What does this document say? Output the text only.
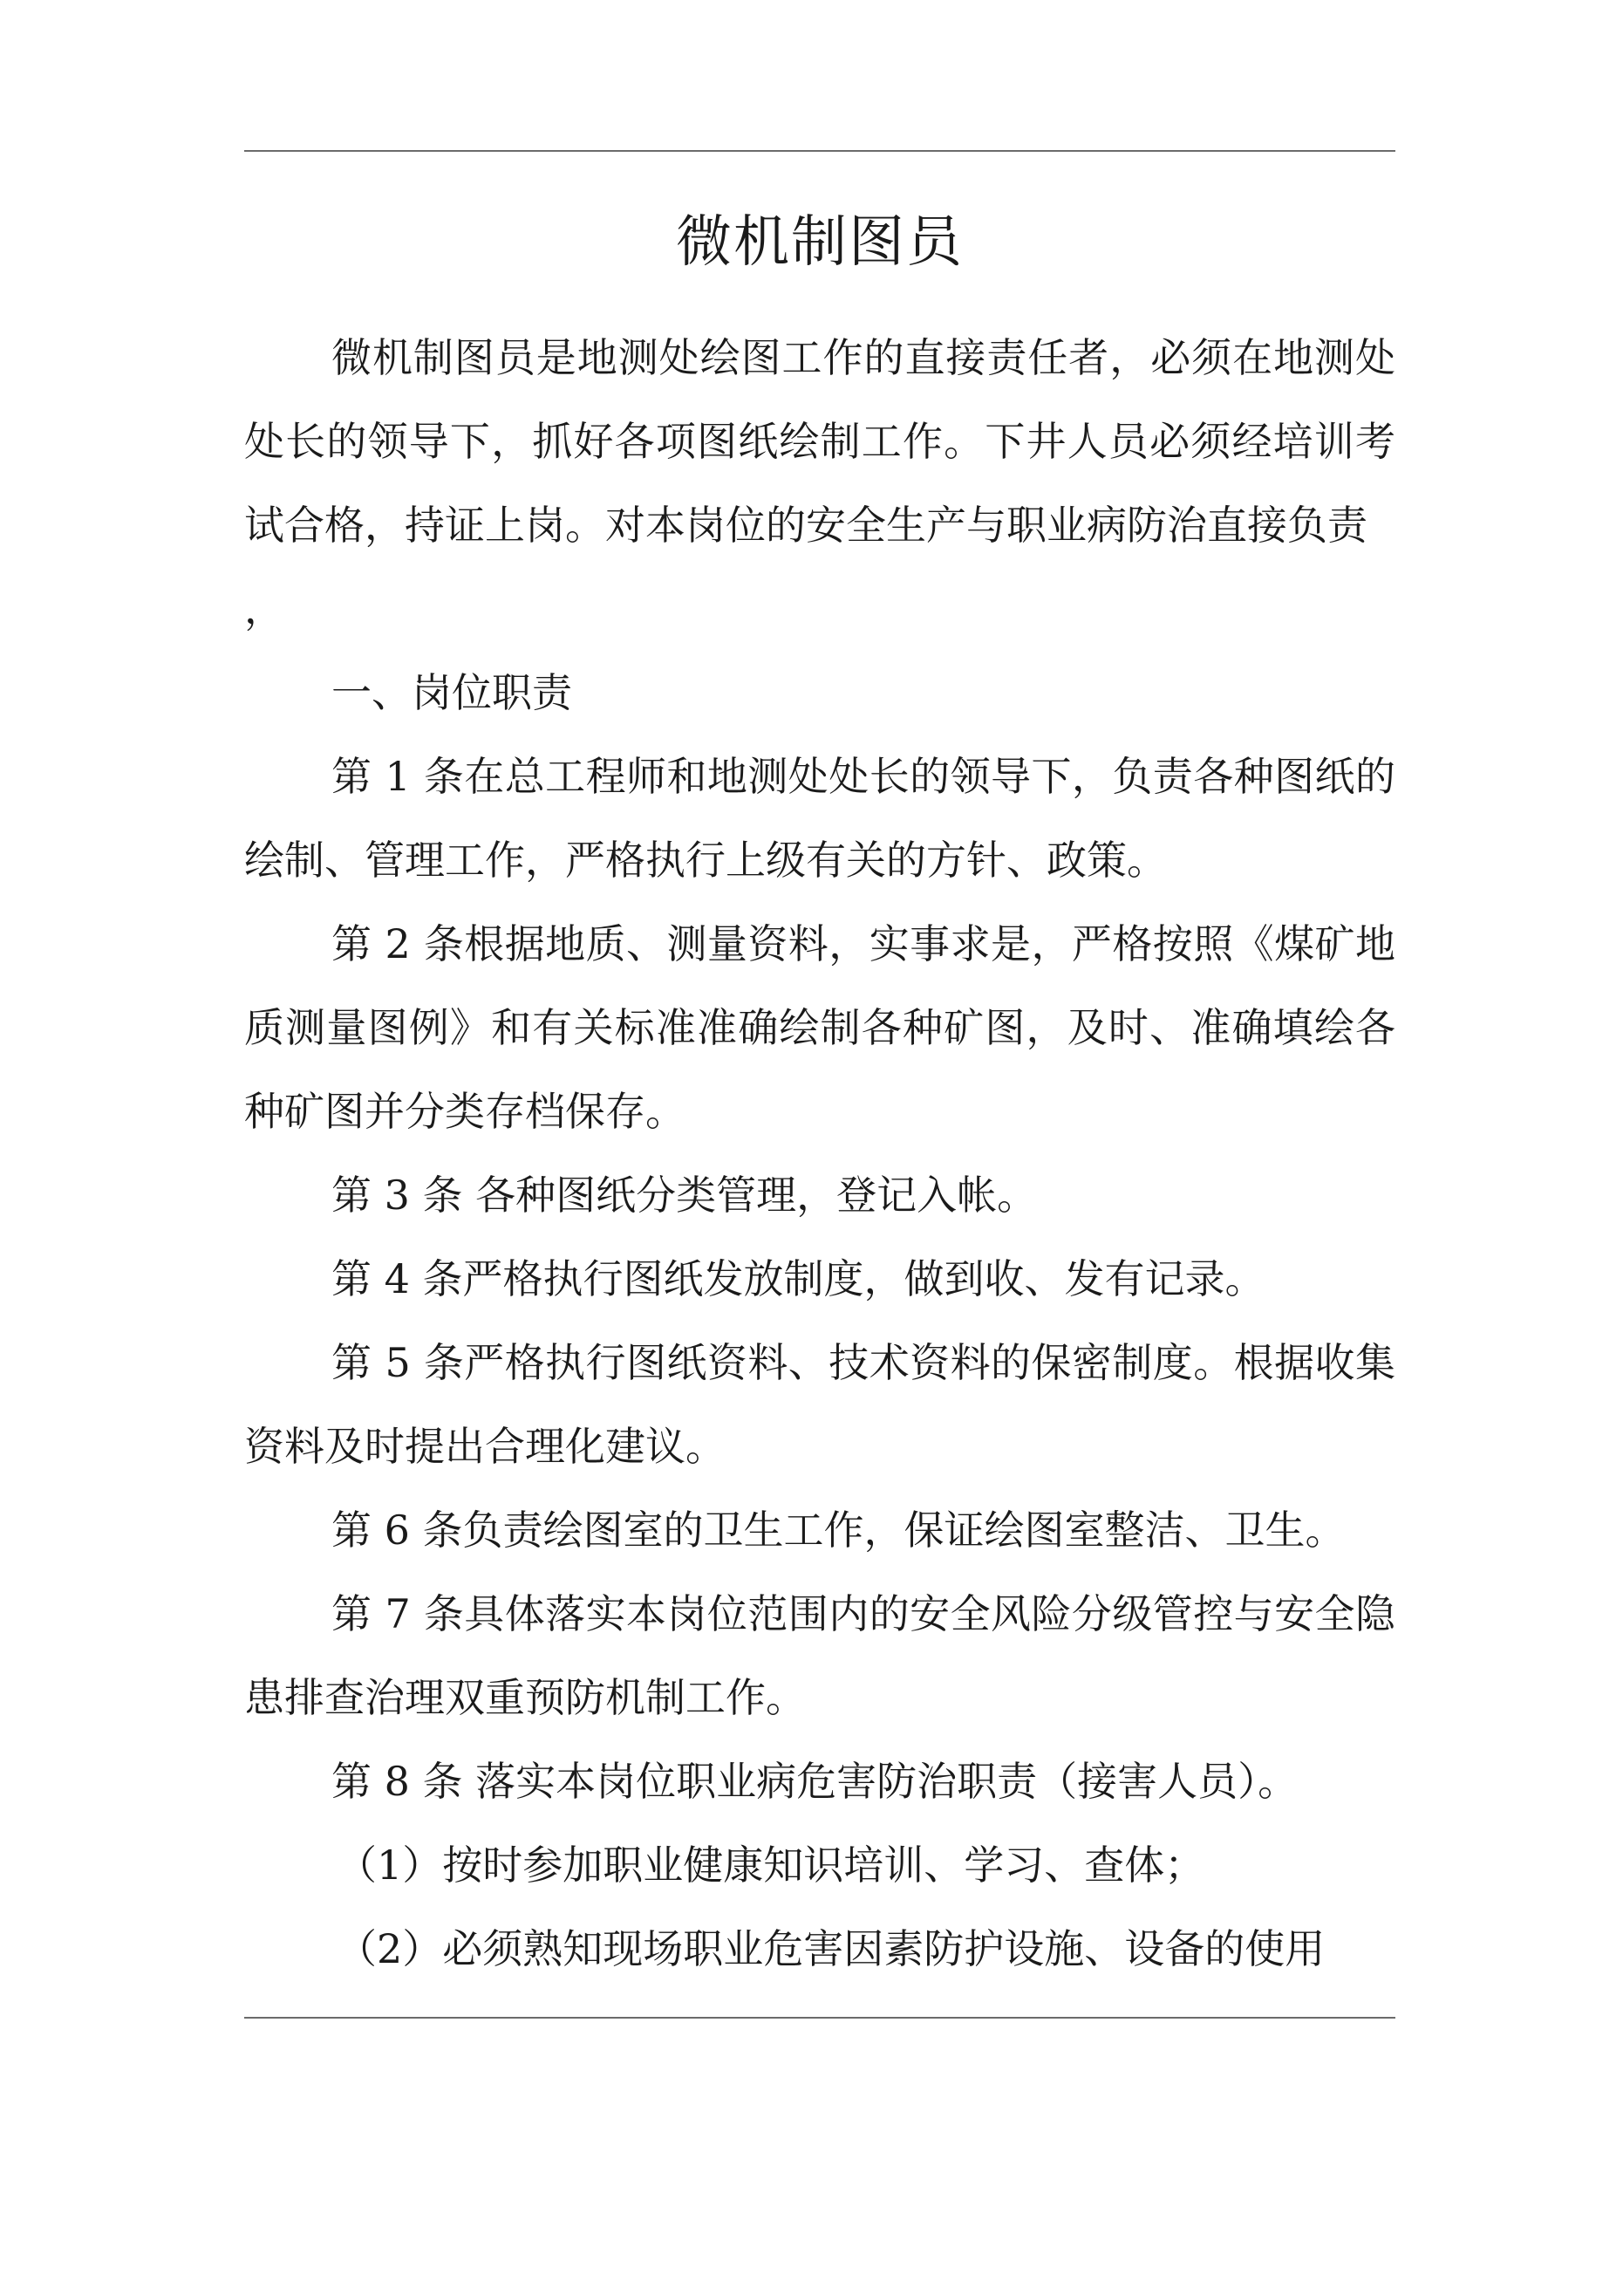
微机制图员

微机制图员是地测处绘图工作的直接责任者，必须在地测处处长的领导下，抓好各项图纸绘制工作。下井人员必须经培训考试合格，持证上岗。对本岗位的安全生产与职业病防治直接负责

，

一、岗位职责

第 1 条在总工程师和地测处处长的领导下，负责各种图纸的绘制、管理工作，严格执行上级有关的方针、政策。

第 2 条根据地质、测量资料，实事求是，严格按照《煤矿地质测量图例》和有关标准准确绘制各种矿图，及时、准确填绘各种矿图并分类存档保存。

第 3 条 各种图纸分类管理，登记入帐。

第 4 条严格执行图纸发放制度，做到收、发有记录。

第 5 条严格执行图纸资料、技术资料的保密制度。根据收集资料及时提出合理化建议。

第 6 条负责绘图室的卫生工作，保证绘图室整洁、卫生。

第 7 条具体落实本岗位范围内的安全风险分级管控与安全隐患排查治理双重预防机制工作。

第 8 条 落实本岗位职业病危害防治职责（接害人员）。

（1）按时参加职业健康知识培训、学习、查体；

（2）必须熟知现场职业危害因素防护设施、设备的使用
